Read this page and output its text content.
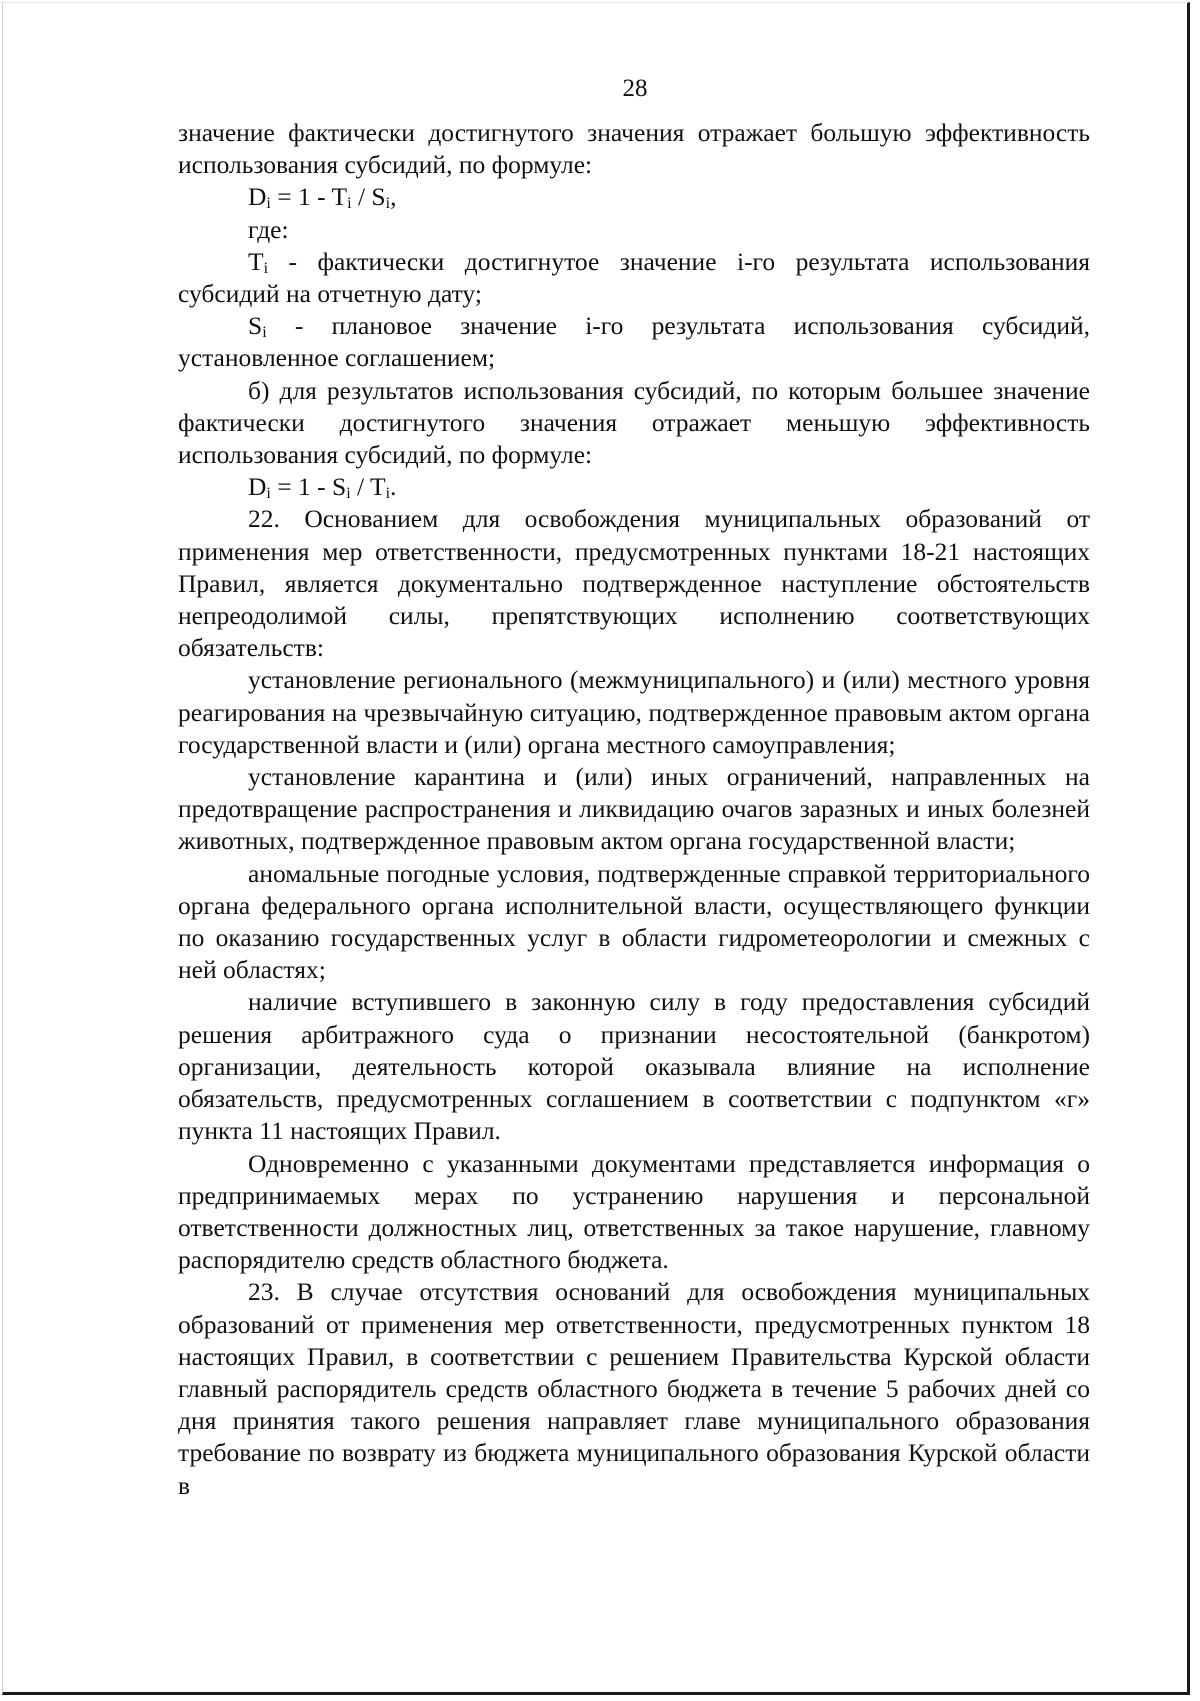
28

значение фактически достигнутого значения отражает большую эффективность использования субсидий, по формуле:

$D_i = 1 - T_i / S_i$,

где:

$T_i$ - фактически достигнутое значение i-го результата использования субсидий на отчетную дату;

$S_i$ - плановое значение i-го результата использования субсидий, установленное соглашением;

б) для результатов использования субсидий, по которым большее значение фактически достигнутого значения отражает меньшую эффективность использования субсидий, по формуле:

$D_i = 1 - S_i / T_i$.

22. Основанием для освобождения муниципальных образований от применения мер ответственности, предусмотренных пунктами 18-21 настоящих Правил, является документально подтвержденное наступление обстоятельств непреодолимой силы, препятствующих исполнению соответствующих обязательств:

установление регионального (межмуниципального) и (или) местного уровня реагирования на чрезвычайную ситуацию, подтвержденное правовым актом органа государственной власти и (или) органа местного самоуправления;

установление карантина и (или) иных ограничений, направленных на предотвращение распространения и ликвидацию очагов заразных и иных болезней животных, подтвержденное правовым актом органа государственной власти;

аномальные погодные условия, подтвержденные справкой территориального органа федерального органа исполнительной власти, осуществляющего функции по оказанию государственных услуг в области гидрометеорологии и смежных с ней областях;

наличие вступившего в законную силу в году предоставления субсидий решения арбитражного суда о признании несостоятельной (банкротом) организации, деятельность которой оказывала влияние на исполнение обязательств, предусмотренных соглашением в соответствии с подпунктом «г» пункта 11 настоящих Правил.

Одновременно с указанными документами представляется информация о предпринимаемых мерах по устранению нарушения и персональной ответственности должностных лиц, ответственных за такое нарушение, главному распорядителю средств областного бюджета.

23. В случае отсутствия оснований для освобождения муниципальных образований от применения мер ответственности, предусмотренных пунктом 18 настоящих Правил, в соответствии с решением Правительства Курской области главный распорядитель средств областного бюджета в течение 5 рабочих дней со дня принятия такого решения направляет главе муниципального образования требование по возврату из бюджета муниципального образования Курской области в
